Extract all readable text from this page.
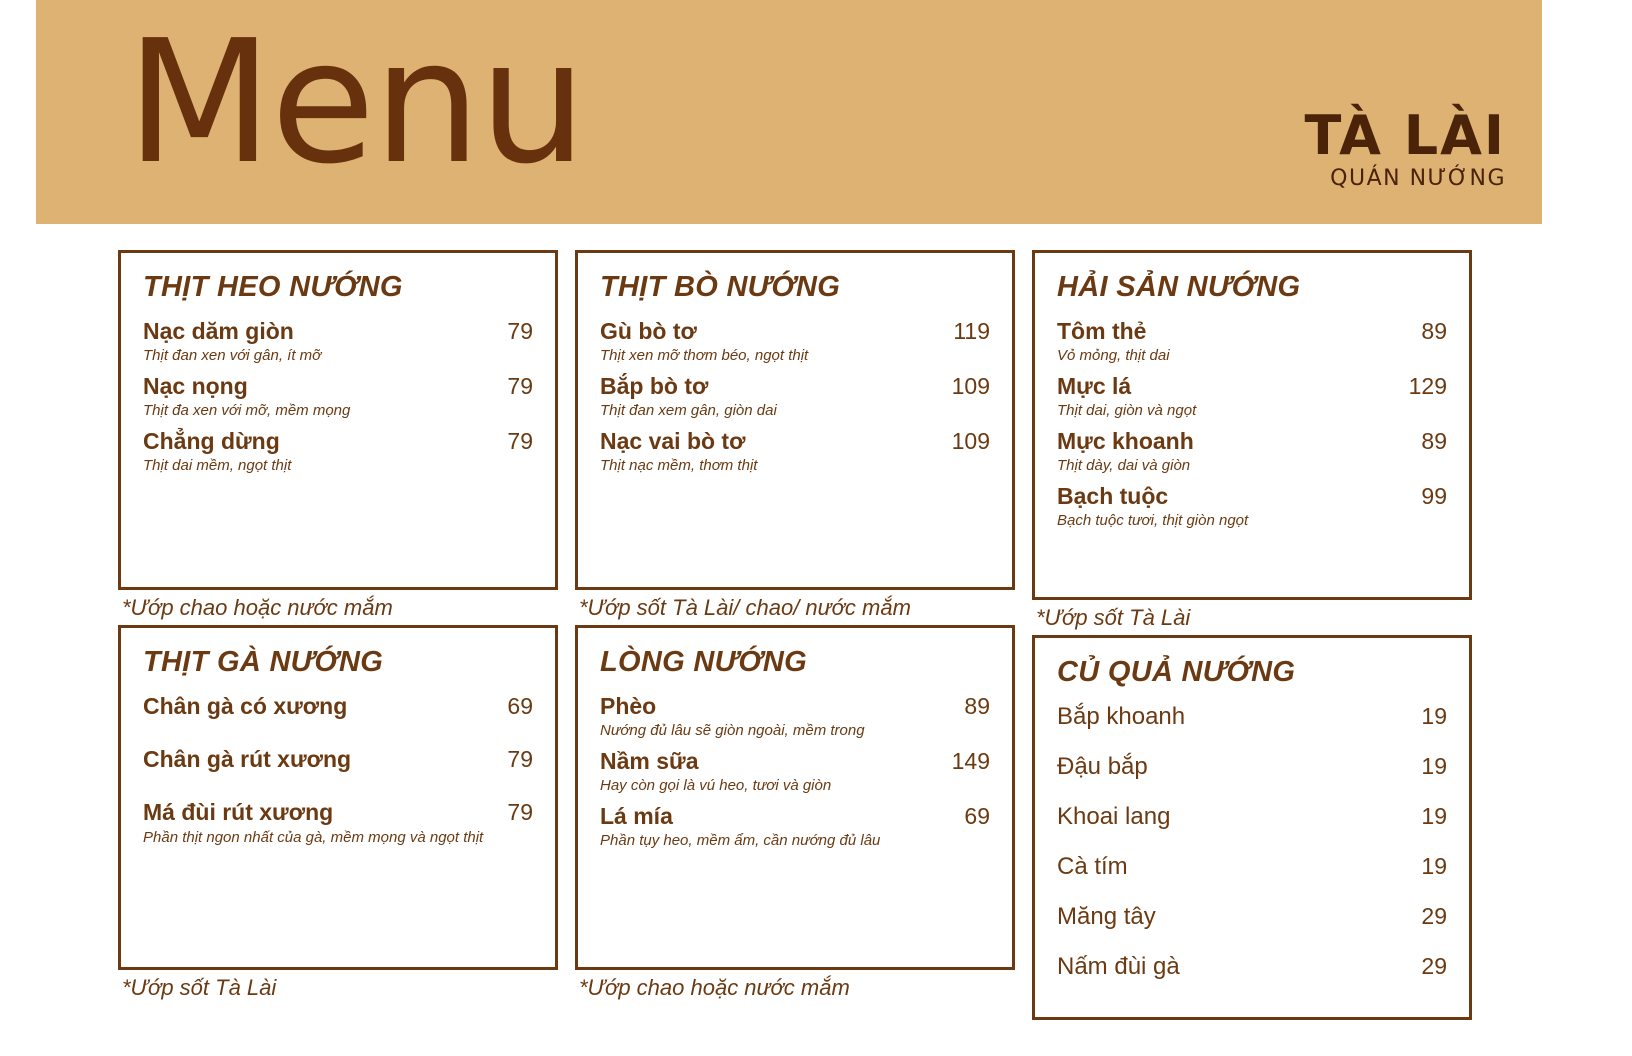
Menu	TÀ LÀI
QUÁN NƯỚNG
THỊT HEO NƯỚNG
Nạc dăm giòn	79
Thịt đan xen với gân, ít mỡ
Nạc nọng	79
Thịt đa xen với mỡ, mềm mọng
Chẳng dừng	79
Thịt dai mềm, ngọt thịt
*Ướp chao hoặc nước mắm
THỊT GÀ NƯỚNG
Chân gà có xương	69
Chân gà rút xương	79
Má đùi rút xương	79
Phần thịt ngon nhất của gà, mềm mọng và ngọt thịt
*Ướp sốt Tà Lài
THỊT BÒ NƯỚNG
Gù bò tơ	119
Thịt xen mỡ thơm béo, ngọt thịt
Bắp bò tơ	109
Thịt đan xem gân, giòn dai
Nạc vai bò tơ	109
Thịt nạc mềm, thơm thịt
*Ướp sốt Tà Lài/ chao/ nước mắm
LÒNG NƯỚNG
Phèo	89
Nướng đủ lâu sẽ giòn ngoài, mềm trong
Nầm sữa	149
Hay còn gọi là vú heo, tươi và giòn
Lá mía	69
Phần tụy heo, mềm ẩm, cần nướng đủ lâu
*Ướp chao hoặc nước mắm
HẢI SẢN NƯỚNG
Tôm thẻ	89
Vỏ mỏng, thịt dai
Mực lá	129
Thịt dai, giòn và ngọt
Mực khoanh	89
Thịt dày, dai và giòn
Bạch tuộc	99
Bạch tuộc tươi, thịt giòn ngọt
*Ướp sốt Tà Lài
CỦ QUẢ NƯỚNG
Bắp khoanh	19
Đậu bắp	19
Khoai lang	19
Cà tím	19
Măng tây	29
Nấm đùi gà	29
